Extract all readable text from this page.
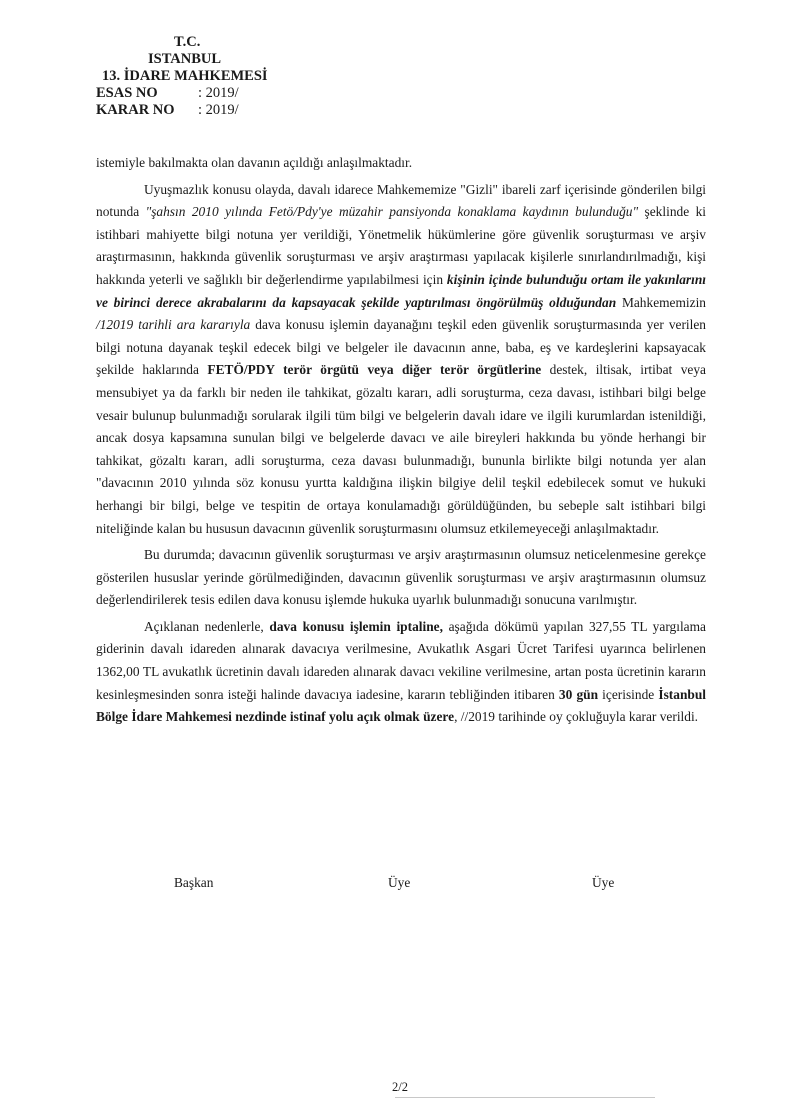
T.C.
ISTANBUL
13. İDARE MAHKEMESİ
ESAS NO	: 2019/
KARAR NO	: 2019/

istemiyle bakılmakta olan davanın açıldığı anlaşılmaktadır.

Uyuşmazlık konusu olayda, davalı idarece Mahkememize "Gizli" ibareli zarf içerisinde gönderilen bilgi notunda "şahsın 2010 yılında Fetö/Pdy'ye müzahir pansiyonda konaklama kaydının bulunduğu" şeklinde ki istihbari mahiyette bilgi notuna yer verildiği, Yönetmelik hükümlerine göre güvenlik soruşturması ve arşiv araştırmasının, hakkında güvenlik soruşturması ve arşiv araştırması yapılacak kişilerle sınırlandırılmadığı, kişi hakkında yeterli ve sağlıklı bir değerlendirme yapılabilmesi için kişinin içinde bulunduğu ortam ile yakınlarını ve birinci derece akrabalarını da kapsayacak şekilde yaptırılması öngörülmüş olduğundan Mahkememizin /12019 tarihli ara kararıyla dava konusu işlemin dayanağını teşkil eden güvenlik soruşturmasında yer verilen bilgi notuna dayanak teşkil edecek bilgi ve belgeler ile davacının anne, baba, eş ve kardeşlerini kapsayacak şekilde haklarında FETÖ/PDY terör örgütü veya diğer terör örgütlerine destek, iltisak, irtibat veya mensubiyet ya da farklı bir neden ile tahkikat, gözaltı kararı, adli soruşturma, ceza davası, istihbari bilgi belge vesair bulunup bulunmadığı sorularak ilgili tüm bilgi ve belgelerin davalı idare ve ilgili kurumlardan istenildiği, ancak dosya kapsamına sunulan bilgi ve belgelerde davacı ve aile bireyleri hakkında bu yönde herhangi bir tahkikat, gözaltı kararı, adli soruşturma, ceza davası bulunmadığı, bununla birlikte bilgi notunda yer alan "davacının 2010 yılında söz konusu yurtta kaldığına ilişkin bilgiye delil teşkil edebilecek somut ve hukuki herhangi bir bilgi, belge ve tespitin de ortaya konulamadığı görüldüğünden, bu sebeple salt istihbari bilgi niteliğinde kalan bu hususun davacının güvenlik soruşturmasını olumsuz etkilemeyeceği anlaşılmaktadır.

Bu durumda; davacının güvenlik soruşturması ve arşiv araştırmasının olumsuz neticelenmesine gerekçe gösterilen hususlar yerinde görülmediğinden, davacının güvenlik soruşturması ve arşiv araştırmasının olumsuz değerlendirilerek tesis edilen dava konusu işlemde hukuka uyarlık bulunmadığı sonucuna varılmıştır.

Açıklanan nedenlerle, dava konusu işlemin iptaline, aşağıda dökümü yapılan 327,55 TL yargılama giderinin davalı idareden alınarak davacıya verilmesine, Avukatlık Asgari Ücret Tarifesi uyarınca belirlenen 1362,00 TL avukatlık ücretinin davalı idareden alınarak davacı vekiline verilmesine, artan posta ücretinin kararın kesinleşmesinden sonra isteği halinde davacıya iadesine, kararın tebliğinden itibaren 30 gün içerisinde İstanbul Bölge İdare Mahkemesi nezdinde istinaf yolu açık olmak üzere, //2019 tarihinde oy çokluğuyla karar verildi.

Başkan	Üye	Üye
2/2
